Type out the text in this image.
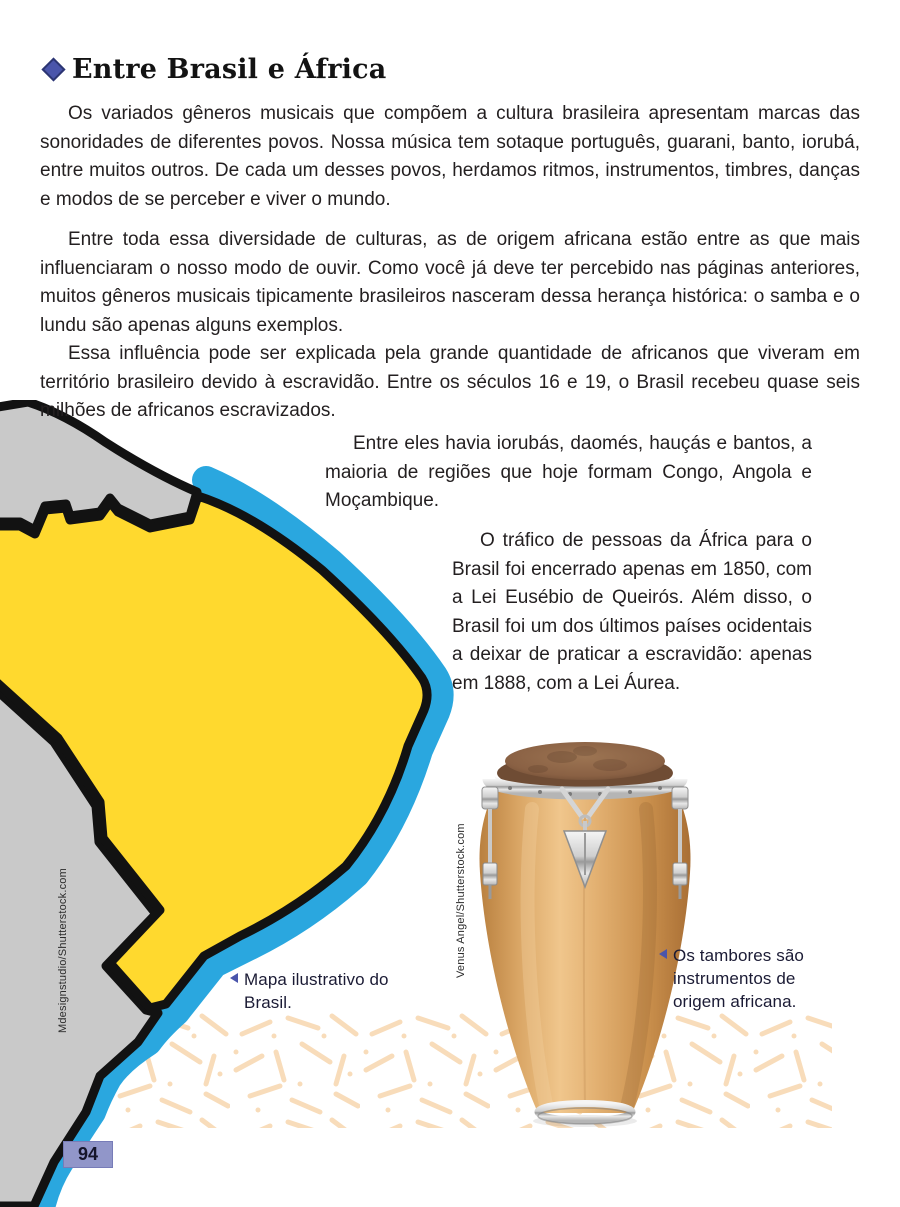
Mdesignstudio/Shutterstock.com	Venus Angel/Shutterstock.com
Entre Brasil e África

Os variados gêneros musicais que compõem a cultura brasileira apresentam marcas das sonoridades de diferentes povos. Nossa música tem sotaque português, guarani, banto, iorubá, entre muitos outros. De cada um desses povos, herdamos ritmos, instrumentos, timbres, danças e modos de se perceber e viver o mundo.

Entre toda essa diversidade de culturas, as de origem africana estão entre as que mais influenciaram o nosso modo de ouvir. Como você já deve ter percebido nas páginas anteriores, muitos gêneros musicais tipicamente brasileiros nasceram dessa herança histórica: o samba e o lundu são apenas alguns exemplos.

Essa influência pode ser explicada pela grande quantidade de africanos que viveram em território brasileiro devido à escravidão. Entre os séculos 16 e 19, o Brasil recebeu quase seis milhões de africanos escravizados.

Entre eles havia iorubás, daomés, hauçás e bantos, a maioria de regiões que hoje formam Congo, Angola e Moçambique.

O tráfico de pessoas da África para o Brasil foi encerrado apenas em 1850, com a Lei Eusébio de Queirós. Além disso, o Brasil foi um dos últimos países ocidentais a deixar de praticar a escravidão: apenas em 1888, com a Lei Áurea.

Mapa ilustrativo do Brasil.
Os tambores são instrumentos de origem africana.
94
